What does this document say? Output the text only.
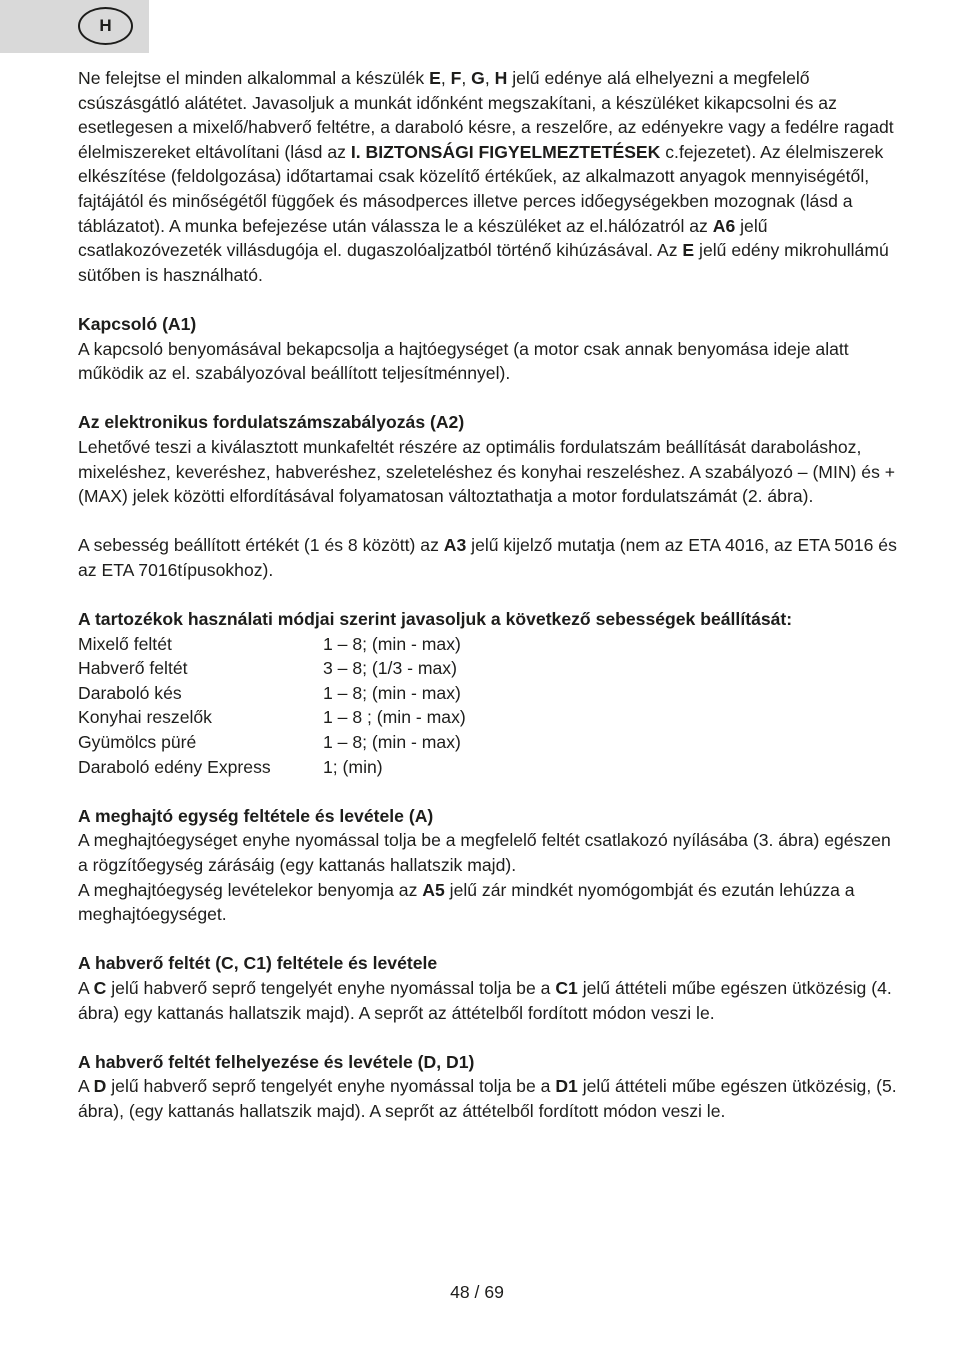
H

Ne felejtse el minden alkalommal a készülék E, F, G, H jelű edénye alá elhelyezni a megfelelő csúszásgátló alátétet. Javasoljuk a munkát időnként megszakítani, a készüléket kikapcsolni és az esetlegesen a mixelő/habverő feltétre, a daraboló késre, a reszelőre, az edényekre vagy a fedélre ragadt élelmiszereket eltávolítani (lásd az I. BIZTONSÁGI FIGYELMEZTETÉSEK c.fejezetet). Az élelmiszerek elkészítése (feldolgozása) időtartamai csak közelítő értékűek, az alkalmazott anyagok mennyiségétől, fajtájától és minőségétől függőek és másodperces illetve perces időegységekben mozognak (lásd a táblázatot). A munka befejezése után válassza le a készüléket az el.hálózatról az A6 jelű csatlakozóvezeték villásdugója el. dugaszolóaljzatból történő kihúzásával. Az E jelű edény mikrohullámú sütőben is használható.

Kapcsoló (A1)

A kapcsoló benyomásával bekapcsolja a hajtóegységet (a motor csak annak benyomása ideje alatt működik az el. szabályozóval beállított teljesítménnyel).

Az elektronikus fordulatszámszabályozás (A2)

Lehetővé teszi a kiválasztott munkafeltét részére az optimális fordulatszám beállítását daraboláshoz, mixeléshez, keveréshez, habveréshez, szeleteléshez és konyhai reszeléshez. A szabályozó – (MIN) és + (MAX) jelek közötti elfordításával folyamatosan változtathatja a motor fordulatszámát (2. ábra).

A sebesség beállított értékét (1 és 8 között) az A3 jelű kijelző mutatja (nem az ETA 4016, az ETA 5016 és az ETA 7016típusokhoz).

A tartozékok használati módjai szerint javasoljuk a következő sebességek beállítását:

Mixelő feltét	1 – 8; (min - max)
Habverő feltét	3 – 8; (1/3 - max)
Daraboló kés	1 – 8; (min - max)
Konyhai reszelők	1 – 8 ; (min - max)
Gyümölcs püré	1 – 8; (min - max)
Daraboló edény Express	1; (min)

A meghajtó egység feltétele és levétele (A)

A meghajtóegységet enyhe nyomással tolja be a megfelelő feltét csatlakozó nyílásába (3. ábra) egészen a rögzítőegység zárásáig (egy kattanás hallatszik majd).

A meghajtóegység levételekor benyomja az A5 jelű zár mindkét nyomógombját és ezután lehúzza a meghajtóegységet.

A habverő feltét (C, C1) feltétele és levétele

A C jelű habverő seprő tengelyét enyhe nyomással tolja be a C1 jelű áttételi műbe egészen ütközésig (4. ábra) egy kattanás hallatszik majd). A seprőt az áttételből fordított módon veszi le.

A habverő feltét felhelyezése és levétele (D, D1)

A D jelű habverő seprő tengelyét enyhe nyomással tolja be a D1 jelű áttételi műbe egészen ütközésig, (5. ábra), (egy kattanás hallatszik majd). A seprőt az áttételből fordított módon veszi le.

48 / 69
